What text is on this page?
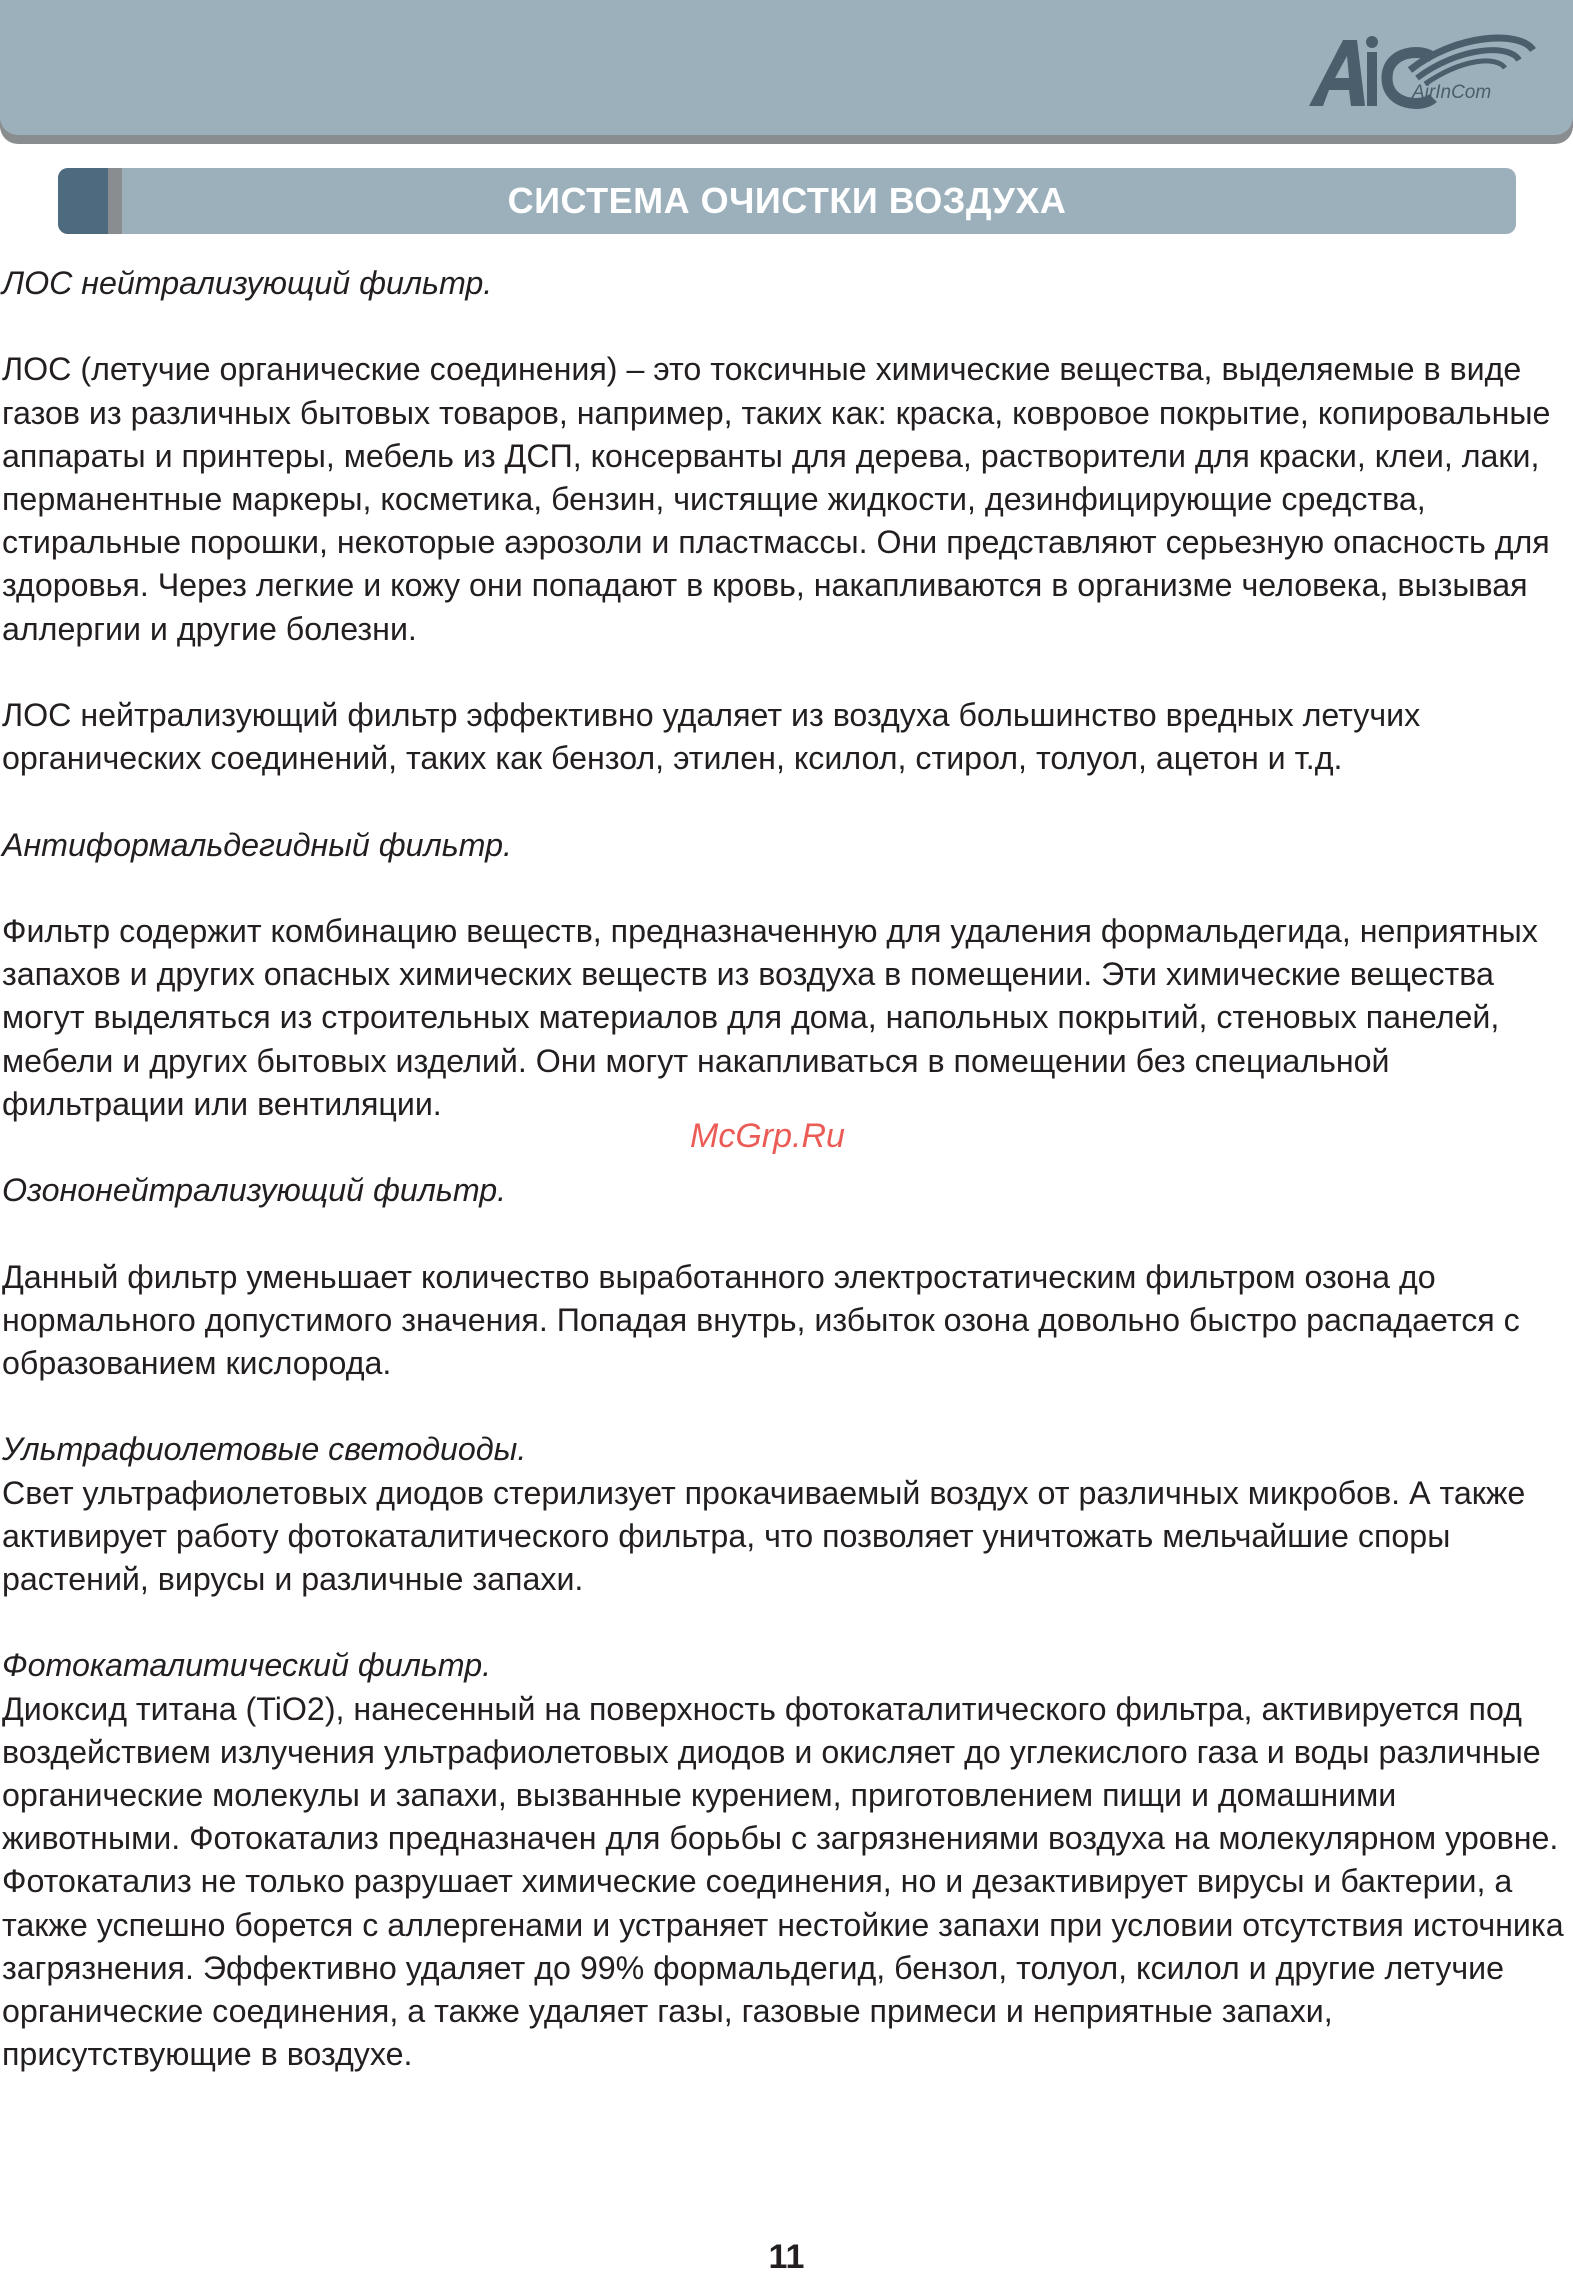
AirInCom
СИСТЕМА ОЧИСТКИ ВОЗДУХА

ЛОС нейтрализующий фильтр.

ЛОС (летучие органические соединения) – это токсичные химические вещества, выделяемые в виде газов из различных бытовых товаров, например, таких как: краска, ковровое покрытие, копировальные аппараты и принтеры, мебель из ДСП, консерванты для дерева, растворители для краски, клеи, лаки, перманентные маркеры, косметика, бензин, чистящие жидкости, дезинфицирующие средства, стиральные порошки, некоторые аэрозоли и пластмассы. Они представляют серьезную опасность для здоровья. Через легкие и кожу они попадают в кровь, накапливаются в организме человека, вызывая аллергии и другие болезни.

ЛОС нейтрализующий фильтр эффективно удаляет из воздуха большинство вредных летучих органических соединений, таких как бензол, этилен, ксилол, стирол, толуол, ацетон и т.д.

Антиформальдегидный фильтр.

Фильтр содержит комбинацию веществ, предназначенную для удаления формальдегида, неприятных запахов и других опасных химических веществ из воздуха в помещении. Эти химические вещества могут выделяться из строительных материалов для дома, напольных покрытий, стеновых панелей, мебели и других бытовых изделий. Они могут накапливаться в помещении без специальной фильтрации или вентиляции.

Озононейтрализующий фильтр.

Данный фильтр уменьшает количество выработанного электростатическим фильтром озона до нормального допустимого значения. Попадая внутрь, избыток озона довольно быстро распадается с образованием кислорода.

Ультрафиолетовые светодиоды.

Свет ультрафиолетовых диодов стерилизует прокачиваемый воздух от различных микробов. А также активирует работу фотокаталитического фильтра, что позволяет уничтожать мельчайшие споры растений, вирусы и различные запахи.

Фотокаталитический фильтр.

Диоксид титана (TiO2), нанесенный на поверхность фотокаталитического фильтра, активируется под воздействием излучения ультрафиолетовых диодов и окисляет до углекислого газа и воды различные органические молекулы и запахи, вызванные курением, приготовлением пищи и домашними животными. Фотокатализ предназначен для борьбы с загрязнениями воздуха на молекулярном уровне. Фотокатализ не только разрушает химические соединения, но и дезактивирует вирусы и бактерии, а также успешно борется с аллергенами и устраняет нестойкие запахи при условии отсутствия источника загрязнения. Эффективно удаляет до 99% формальдегид, бензол, толуол, ксилол и другие летучие органические соединения, а также удаляет газы, газовые примеси и неприятные запахи, присутствующие в воздухе.

McGrp.Ru
11
